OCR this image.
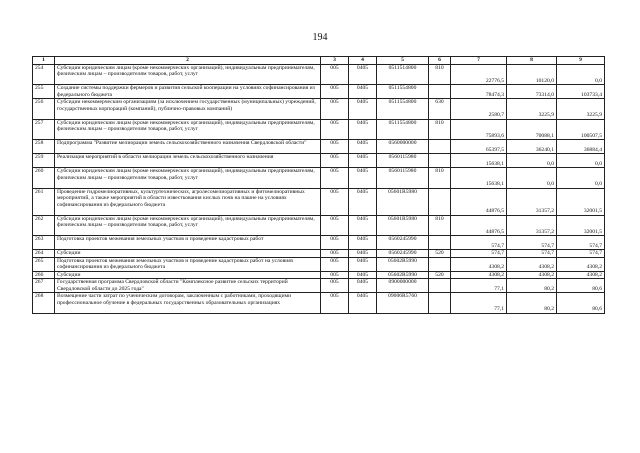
194
1	2	3	4	5	6	7	8	9
254	Субсидии юридическим лицам (кроме некоммерческих организаций), индивидуальным предпринимателям, физическим лицам – производителям товаров, работ, услуг	005	0405	0511514800	810	22776,5	10120,0	0,0
255	Создание системы поддержки фермеров и развития сельской кооперации на условиях софинансирования из федерального бюджета	005	0405	0511554800		78474,3	73314,0	103733,4
256	Субсидии некоммерческим организациям (за исключением государственных (муниципальных) учреждений, государственных корпораций (компаний), публично-правовых компаний)	005	0405	0511554800	630	2580,7	3225,9	3225,9
257	Субсидии юридическим лицам (кроме некоммерческих организаций), индивидуальным предпринимателям, физическим лицам – производителям товаров, работ, услуг	005	0405	0511554800	810	75893,6	70088,1	100507,5
258	Подпрограмма "Развитие мелиорации земель сельскохозяйственного назначения Свердловской области"	005	0405	0560000000		65397,5	36240,1	36884,4
259	Реализация мероприятий в области мелиорации земель сельскохозяйственного назначения	005	0405	0560115980		15638,1	0,0	0,0
260	Субсидии юридическим лицам (кроме некоммерческих организаций), индивидуальным предпринимателям, физическим лицам – производителям товаров, работ, услуг	005	0405	0560115980	810	15638,1	0,0	0,0
261	Проведение гидромелиоративных, культуртехнических, агролесомелиоративных и фитомелиоративных мероприятий, а также мероприятий в области известкования кислых почв на пашне на условиях софинансирования из федерального бюджета	005	0405	05601R5980		44876,5	31357,2	32001,5
262	Субсидии юридическим лицам (кроме некоммерческих организаций), индивидуальным предпринимателям, физическим лицам – производителям товаров, работ, услуг	005	0405	05601R5980	810	44876,5	31357,2	32001,5
263	Подготовка проектов межевания земельных участков и проведение кадастровых работ	005	0405	0560245990		574,7	574,7	574,7
264	Субсидии	005	0405	0560245990	520	574,7	574,7	574,7
265	Подготовка проектов межевания земельных участков и проведение кадастровых работ на условиях софинансирования из федерального бюджета	005	0405	05602R5990		4308,2	4308,2	4308,2
266	Субсидии	005	0405	05602R5990	520	4308,2	4308,2	4308,2
267	Государственная программа Свердловской области "Комплексное развитие сельских территорий Свердловской области до 2025 года"	005	0405	0900000000		77,1	80,2	80,6
268	Возмещение части затрат по ученическим договорам, заключенным с работниками, проходящими профессиональное обучение в федеральных государственных образовательных организациях	005	0405	09006R5760		77,1	80,2	80,6
